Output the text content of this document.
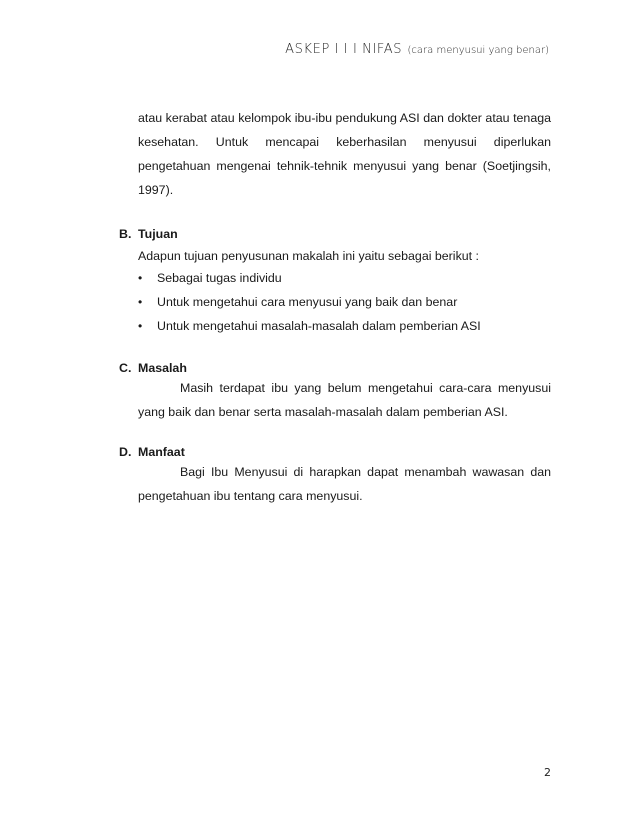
ASKEP I I I NIFAS (cara menyusui yang benar)

atau kerabat atau kelompok ibu-ibu pendukung ASI dan dokter atau tenaga kesehatan. Untuk mencapai keberhasilan menyusui diperlukan pengetahuan mengenai tehnik-tehnik menyusui yang benar (Soetjingsih, 1997).

B. Tujuan
Adapun tujuan penyusunan makalah ini yaitu sebagai berikut :
• Sebagai tugas individu
• Untuk mengetahui cara menyusui yang baik dan benar
• Untuk mengetahui masalah-masalah dalam pemberian ASI
C. Masalah

Masih terdapat ibu yang belum mengetahui cara-cara menyusui yang baik dan benar serta masalah-masalah dalam pemberian ASI.

D. Manfaat

Bagi Ibu Menyusui di harapkan dapat menambah wawasan dan pengetahuan ibu tentang cara menyusui.

2
